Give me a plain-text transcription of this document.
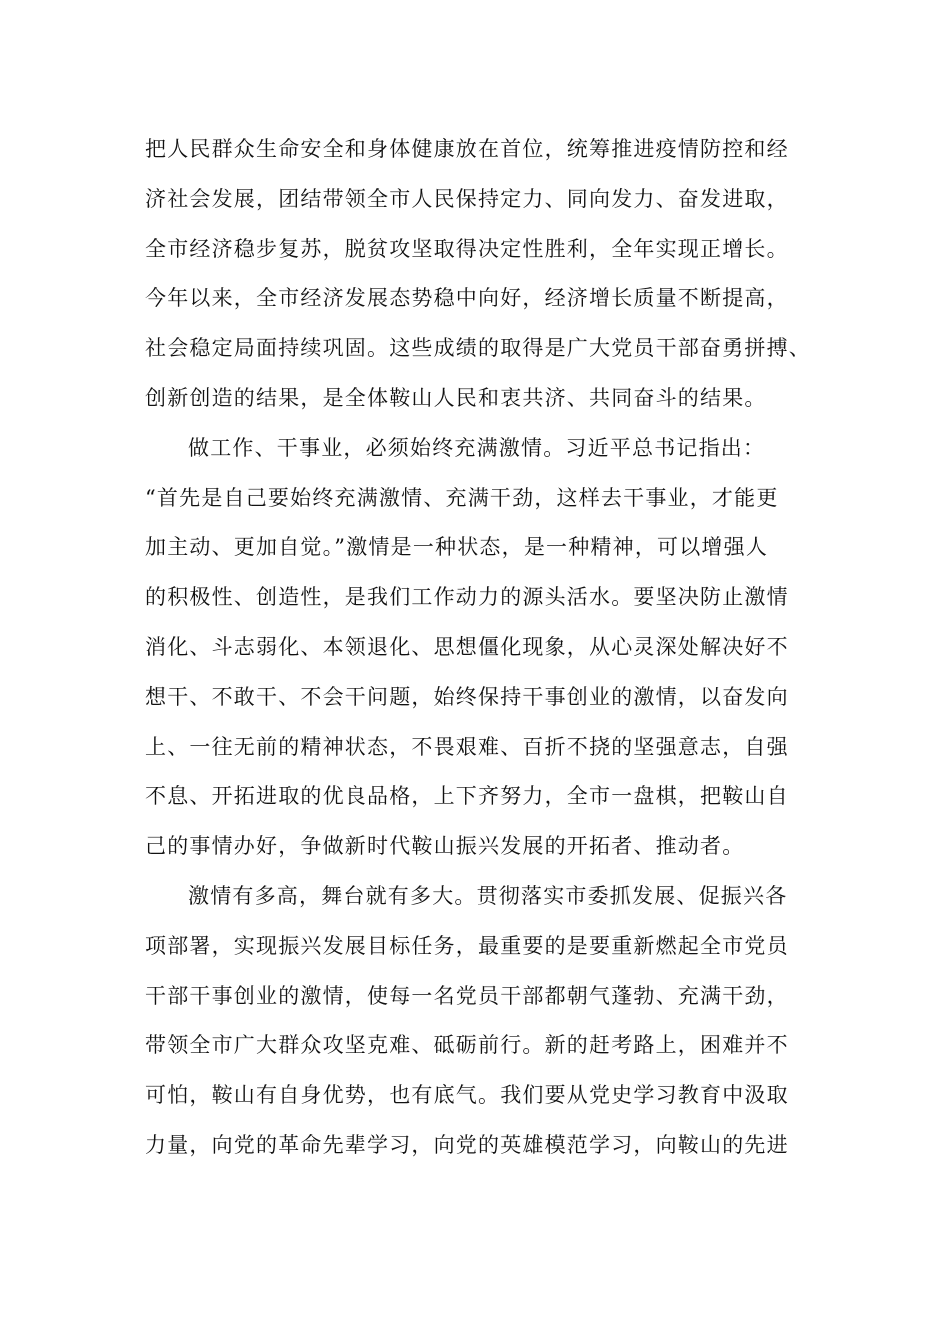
把人民群众生命安全和身体健康放在首位，统筹推进疫情防控和经
济社会发展，团结带领全市人民保持定力、同向发力、奋发进取，
全市经济稳步复苏，脱贫攻坚取得决定性胜利，全年实现正增长。
今年以来，全市经济发展态势稳中向好，经济增长质量不断提高，
社会稳定局面持续巩固。这些成绩的取得是广大党员干部奋勇拼搏、
创新创造的结果，是全体鞍山人民和衷共济、共同奋斗的结果。
做工作、干事业，必须始终充满激情。习近平总书记指出：
“首先是自己要始终充满激情、充满干劲，这样去干事业，才能更
加主动、更加自觉。”激情是一种状态，是一种精神，可以增强人
的积极性、创造性，是我们工作动力的源头活水。要坚决防止激情
消化、斗志弱化、本领退化、思想僵化现象，从心灵深处解决好不
想干、不敢干、不会干问题，始终保持干事创业的激情，以奋发向
上、一往无前的精神状态，不畏艰难、百折不挠的坚强意志，自强
不息、开拓进取的优良品格，上下齐努力，全市一盘棋，把鞍山自
己的事情办好，争做新时代鞍山振兴发展的开拓者、推动者。
激情有多高，舞台就有多大。贯彻落实市委抓发展、促振兴各
项部署，实现振兴发展目标任务，最重要的是要重新燃起全市党员
干部干事创业的激情，使每一名党员干部都朝气蓬勃、充满干劲，
带领全市广大群众攻坚克难、砥砺前行。新的赶考路上，困难并不
可怕，鞍山有自身优势，也有底气。我们要从党史学习教育中汲取
力量，向党的革命先辈学习，向党的英雄模范学习，向鞍山的先进
